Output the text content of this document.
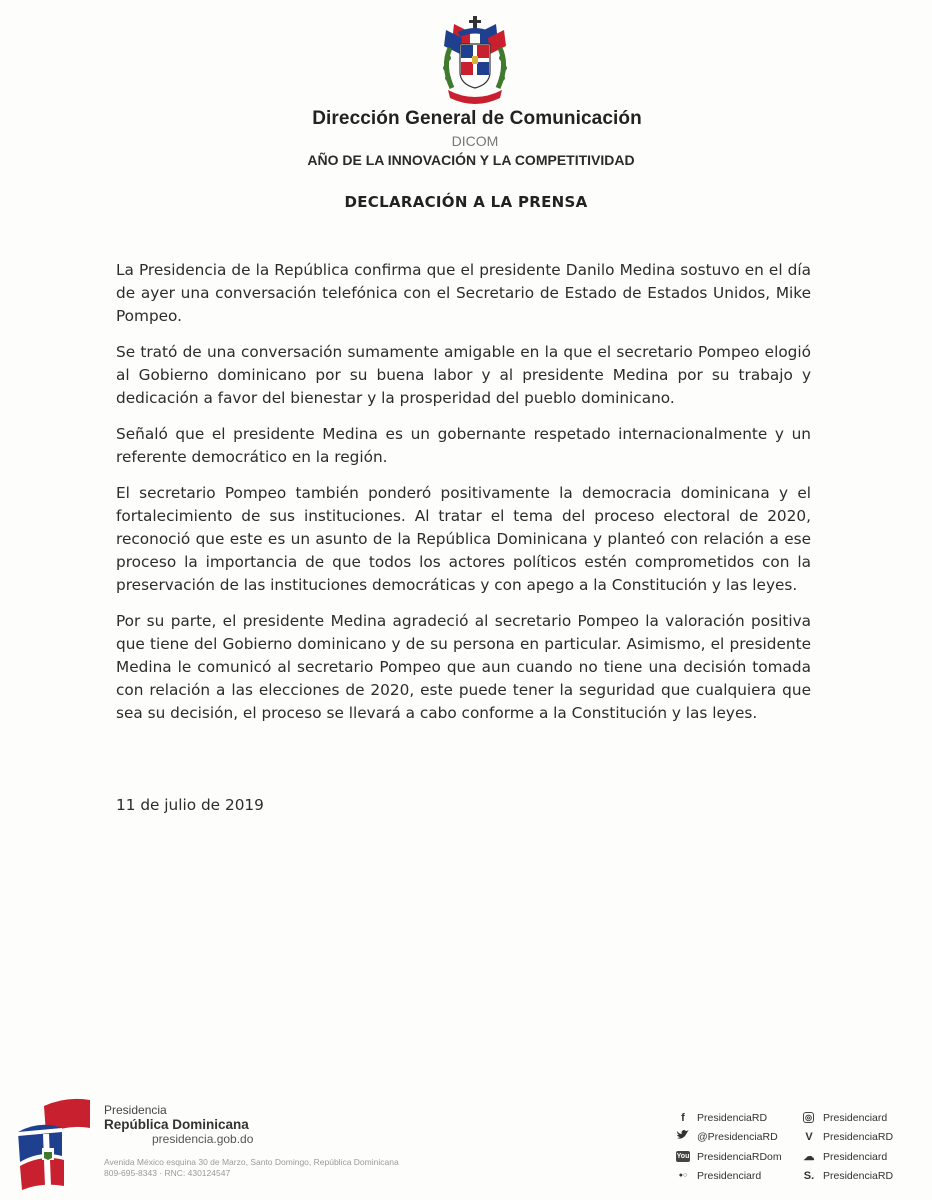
Dirección General de Comunicación
DICOM
AÑO DE LA INNOVACIÓN Y LA COMPETITIVIDAD
DECLARACIÓN A LA PRENSA

La Presidencia de la República confirma que el presidente Danilo Medina sostuvo en el día de ayer una conversación telefónica con el Secretario de Estado de Estados Unidos, Mike Pompeo.

Se trató de una conversación sumamente amigable en la que el secretario Pompeo elogió al Gobierno dominicano por su buena labor y al presidente Medina por su trabajo y dedicación a favor del bienestar y la prosperidad del pueblo dominicano.

Señaló que el presidente Medina es un gobernante respetado internacionalmente y un referente democrático en la región.

El secretario Pompeo también ponderó positivamente la democracia dominicana y el fortalecimiento de sus instituciones. Al tratar el tema del proceso electoral de 2020, reconoció que este es un asunto de la República Dominicana y planteó con relación a ese proceso la importancia de que todos los actores políticos estén comprometidos con la preservación de las instituciones democráticas y con apego a la Constitución y las leyes.

Por su parte, el presidente Medina agradeció al secretario Pompeo la valoración positiva que tiene del Gobierno dominicano y de su persona en particular. Asimismo, el presidente Medina le comunicó al secretario Pompeo que aun cuando no tiene una decisión tomada con relación a las elecciones de 2020, este puede tener la seguridad que cualquiera que sea su decisión, el proceso se llevará a cabo conforme a la Constitución y las leyes.

11 de julio de 2019
Presidencia
República Dominicana
presidencia.gob.do
Avenida México esquina 30 de Marzo, Santo Domingo, República Dominicana
809-695-8343 · RNC: 430124547
f	PresidenciaRD
@PresidenciaRD
You PresidenciaRDom
●○ Presidenciard
◎ Presidenciard
V PresidenciaRD
☁ Presidenciard
S. PresidenciaRD
